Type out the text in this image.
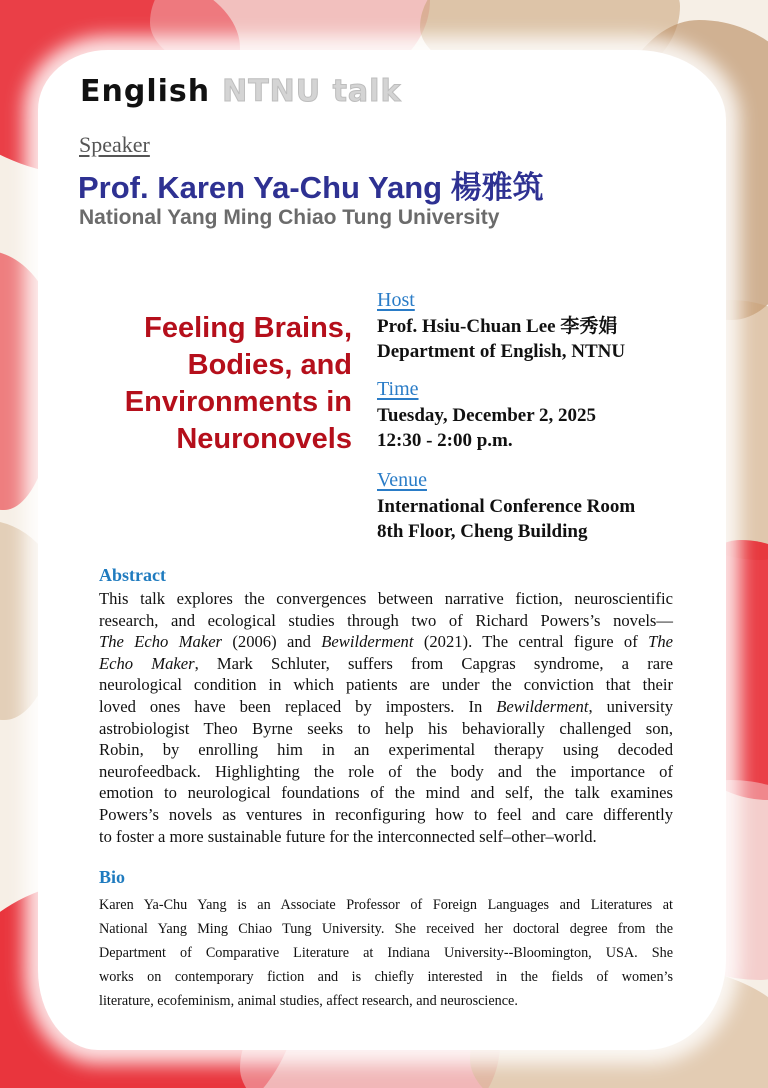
English NTNU talk
Speaker
Prof. Karen Ya-Chu Yang 楊雅筑
National Yang Ming Chiao Tung University
Feeling Brains,
Bodies, and
Environments in
Neuronovels
Host
Prof. Hsiu-Chuan Lee 李秀娟
Department of English, NTNU
Time
Tuesday, December 2, 2025
12:30 - 2:00 p.m.
Venue
International Conference Room
8th Floor, Cheng Building
Abstract
This talk explores the convergences between narrative fiction, neuroscientific
research, and ecological studies through two of Richard Powers’s novels—
The Echo Maker (2006) and Bewilderment (2021). The central figure of The
Echo Maker, Mark Schluter, suffers from Capgras syndrome, a rare
neurological condition in which patients are under the conviction that their
loved ones have been replaced by imposters. In Bewilderment, university
astrobiologist Theo Byrne seeks to help his behaviorally challenged son,
Robin, by enrolling him in an experimental therapy using decoded
neurofeedback. Highlighting the role of the body and the importance of
emotion to neurological foundations of the mind and self, the talk examines
Powers’s novels as ventures in reconfiguring how to feel and care differently
to foster a more sustainable future for the interconnected self–other–world.
Bio
Karen Ya-Chu Yang is an Associate Professor of Foreign Languages and Literatures at
National Yang Ming Chiao Tung University. She received her doctoral degree from the
Department of Comparative Literature at Indiana University--Bloomington, USA. She
works on contemporary fiction and is chiefly interested in the fields of women’s
literature, ecofeminism, animal studies, affect research, and neuroscience.
